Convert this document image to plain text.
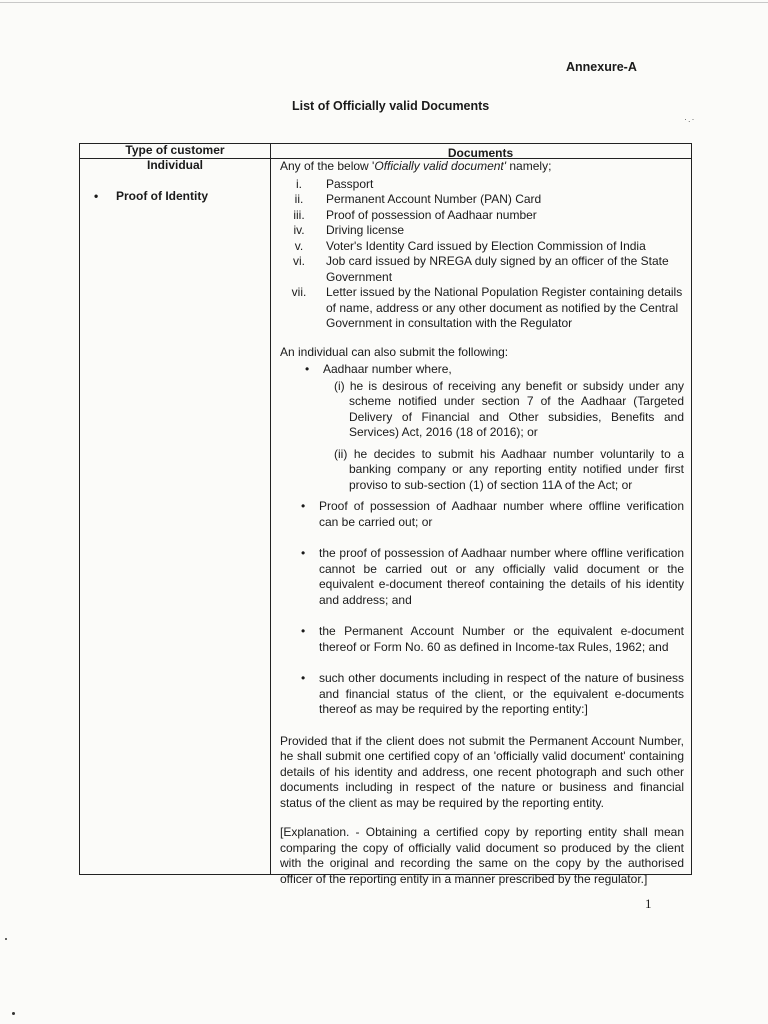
Annexure-A
List of Officially valid Documents
·.·
Type of customer	Documents
Individual
• Proof of Identity

Any of the below 'Officially valid document' namely;

i.	Passport
ii.	Permanent Account Number (PAN) Card
iii.	Proof of possession of Aadhaar number
iv.	Driving license
v.	Voter's Identity Card issued by Election Commission of India
vi.	Job card issued by NREGA duly signed by an officer of the State Government
vii.	Letter issued by the National Population Register containing details of name, address or any other document as notified by the Central Government in consultation with the Regulator

An individual can also submit the following:

• Aadhaar number where,
(i) he is desirous of receiving any benefit or subsidy under any scheme notified under section 7 of the Aadhaar (Targeted Delivery of Financial and Other subsidies, Benefits and Services) Act, 2016 (18 of 2016); or
(ii) he decides to submit his Aadhaar number voluntarily to a banking company or any reporting entity notified under first proviso to sub-section (1) of section 11A of the Act; or
• Proof of possession of Aadhaar number where offline verification can be carried out; or
• the proof of possession of Aadhaar number where offline verification cannot be carried out or any officially valid document or the equivalent e-document thereof containing the details of his identity and address; and
• the Permanent Account Number or the equivalent e-document thereof or Form No. 60 as defined in Income-tax Rules, 1962; and
• such other documents including in respect of the nature of business and financial status of the client, or the equivalent e-documents thereof as may be required by the reporting entity:]

Provided that if the client does not submit the Permanent Account Number, he shall submit one certified copy of an 'officially valid document' containing details of his identity and address, one recent photograph and such other documents including in respect of the nature or business and financial status of the client as may be required by the reporting entity.

[Explanation. - Obtaining a certified copy by reporting entity shall mean comparing the copy of officially valid document so produced by the client with the original and recording the same on the copy by the authorised officer of the reporting entity in a manner prescribed by the regulator.]

1
